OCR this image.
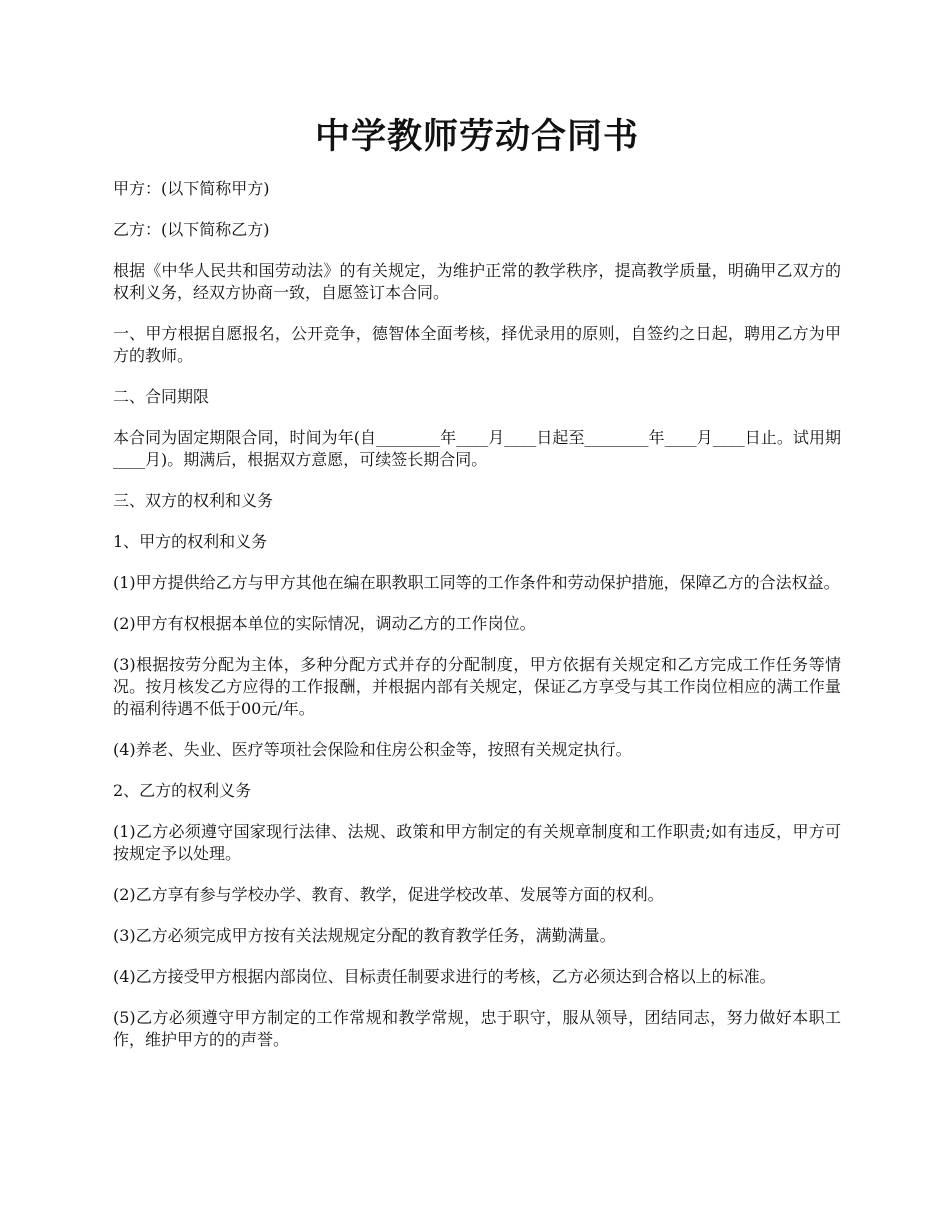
中学教师劳动合同书

甲方：(以下简称甲方)

乙方：(以下简称乙方)

根据《中华人民共和国劳动法》的有关规定，为维护正常的教学秩序，提高教学质量，明确甲乙双方的权利义务，经双方协商一致，自愿签订本合同。

一、甲方根据自愿报名，公开竞争，德智体全面考核，择优录用的原则，自签约之日起，聘用乙方为甲方的教师。

二、合同期限

本合同为固定期限合同，时间为年(自________年____月____日起至________年____月____日止。试用期____月)。期满后，根据双方意愿，可续签长期合同。

三、双方的权利和义务

1、甲方的权利和义务

(1)甲方提供给乙方与甲方其他在编在职教职工同等的工作条件和劳动保护措施，保障乙方的合法权益。

(2)甲方有权根据本单位的实际情况，调动乙方的工作岗位。

(3)根据按劳分配为主体，多种分配方式并存的分配制度，甲方依据有关规定和乙方完成工作任务等情况。按月核发乙方应得的工作报酬，并根据内部有关规定，保证乙方享受与其工作岗位相应的满工作量的福利待遇不低于00元/年。

(4)养老、失业、医疗等项社会保险和住房公积金等，按照有关规定执行。

2、乙方的权利义务

(1)乙方必须遵守国家现行法律、法规、政策和甲方制定的有关规章制度和工作职责;如有违反，甲方可按规定予以处理。

(2)乙方享有参与学校办学、教育、教学，促进学校改革、发展等方面的权利。

(3)乙方必须完成甲方按有关法规规定分配的教育教学任务，满勤满量。

(4)乙方接受甲方根据内部岗位、目标责任制要求进行的考核，乙方必须达到合格以上的标准。

(5)乙方必须遵守甲方制定的工作常规和教学常规，忠于职守，服从领导，团结同志，努力做好本职工作，维护甲方的的声誉。
